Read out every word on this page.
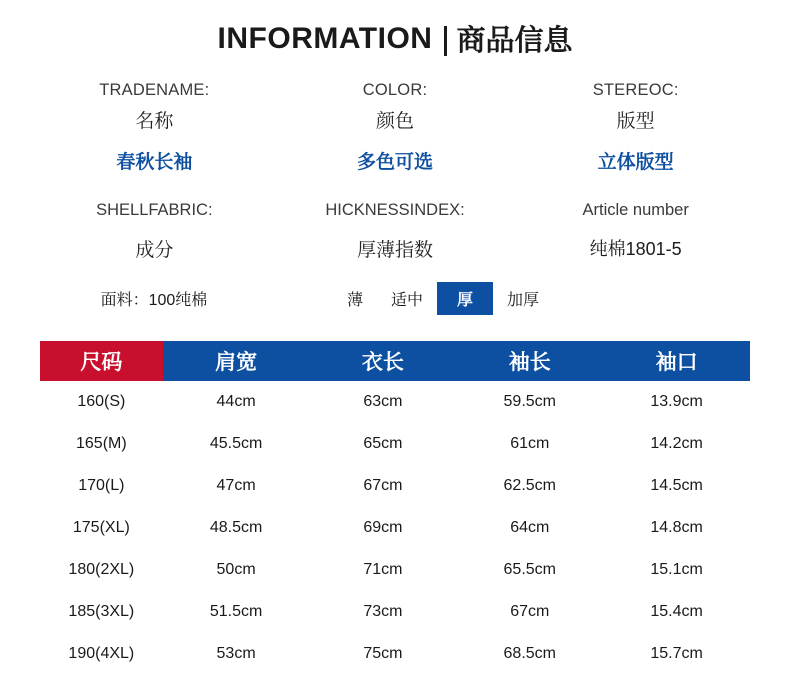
INFORMATION 商品信息
TRADENAME:
名称
春秋长袖
COLOR:
颜色
多色可选
STEREOC:
版型
立体版型
SHELLFABRIC:
成分
HICKNESSINDEX:
厚薄指数
Article number
纯棉1801-5
面料：100纯棉	薄	适中	厚	加厚
尺码	肩宽	衣长	袖长	袖口
160(S)	44cm	63cm	59.5cm	13.9cm
165(M)	45.5cm	65cm	61cm	14.2cm
170(L)	47cm	67cm	62.5cm	14.5cm
175(XL)	48.5cm	69cm	64cm	14.8cm
180(2XL)	50cm	71cm	65.5cm	15.1cm
185(3XL)	51.5cm	73cm	67cm	15.4cm
190(4XL)	53cm	75cm	68.5cm	15.7cm
